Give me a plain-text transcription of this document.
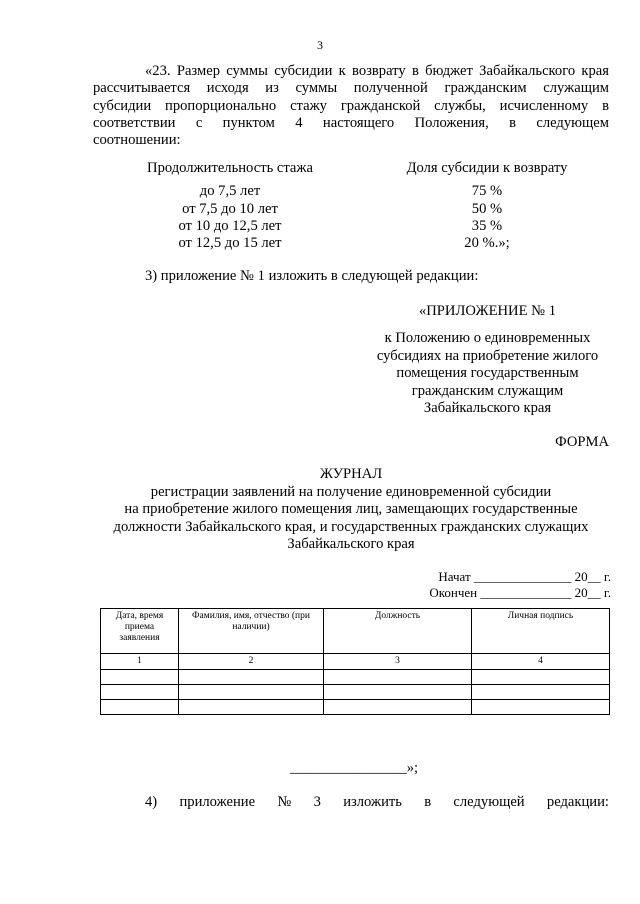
3
«23. Размер суммы субсидии к возврату в бюджет Забайкальского края
рассчитывается исходя из суммы полученной гражданским служащим
субсидии пропорционально стажу гражданской службы, исчисленному в
соответствии с пунктом 4 настоящего Положения, в следующем
соотношении:
Продолжительность стажа	Доля субсидии к возврату
до 7,5 лет	75 %
от 7,5 до 10 лет	50 %
от 10 до 12,5 лет	35 %
от 12,5 до 15 лет	20 %.»;
3) приложение № 1 изложить в следующей редакции:
«ПРИЛОЖЕНИЕ № 1
к Положению о единовременных
субсидиях на приобретение жилого
помещения государственным
гражданским служащим
Забайкальского края
ФОРМА
ЖУРНАЛ
регистрации заявлений на получение единовременной субсидии
на приобретение жилого помещения лиц, замещающих государственные
должности Забайкальского края, и государственных гражданских служащих
Забайкальского края
Начат _______________ 20__ г.
Окончен ______________ 20__ г.
Дата, время приема заявления	Фамилия, имя, отчество (при наличии)	Должность	Личная подпись
1	2	3	4

________________»;
4) приложение № 3 изложить в следующей редакции:
